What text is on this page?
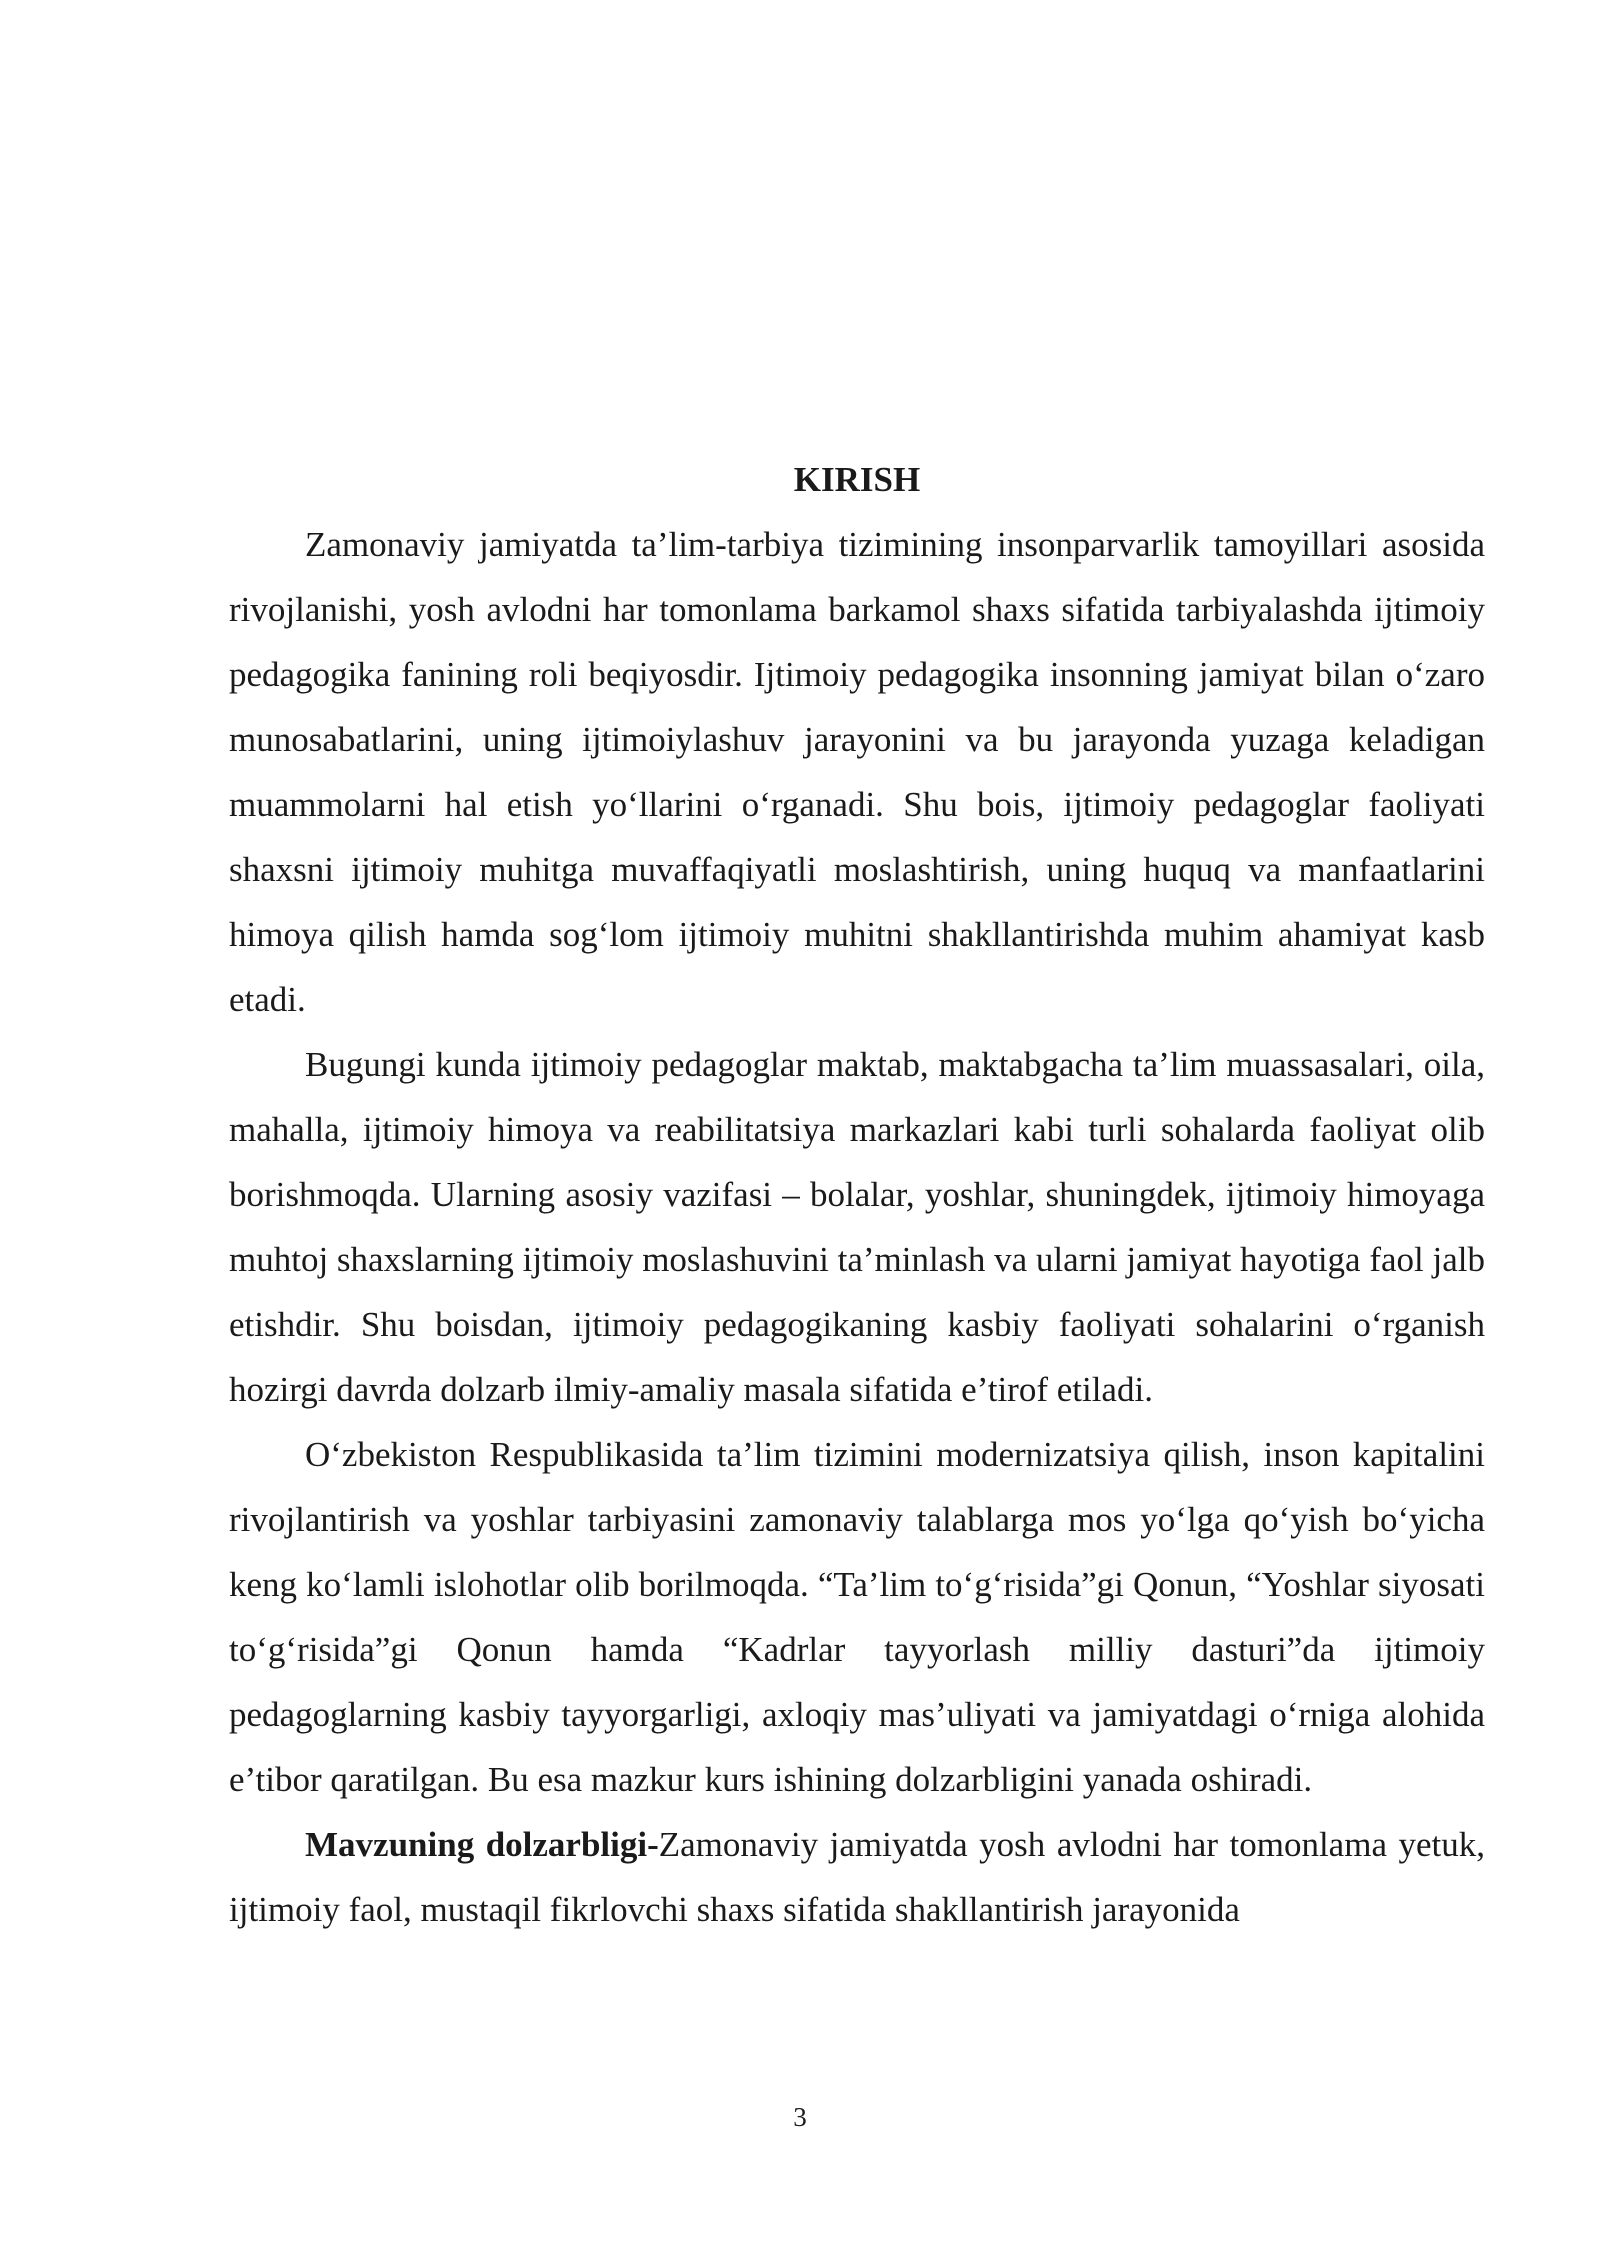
KIRISH

Zamonaviy jamiyatda ta’lim-tarbiya tizimining insonparvarlik tamoyillari asosida rivojlanishi, yosh avlodni har tomonlama barkamol shaxs sifatida tarbiyalashda ijtimoiy pedagogika fanining roli beqiyosdir. Ijtimoiy pedagogika insonning jamiyat bilan o‘zaro munosabatlarini, uning ijtimoiylashuv jarayonini va bu jarayonda yuzaga keladigan muammolarni hal etish yo‘llarini o‘rganadi. Shu bois, ijtimoiy pedagoglar faoliyati shaxsni ijtimoiy muhitga muvaffaqiyatli moslashtirish, uning huquq va manfaatlarini himoya qilish hamda sog‘lom ijtimoiy muhitni shakllantirishda muhim ahamiyat kasb etadi.

Bugungi kunda ijtimoiy pedagoglar maktab, maktabgacha ta’lim muassasalari, oila, mahalla, ijtimoiy himoya va reabilitatsiya markazlari kabi turli sohalarda faoliyat olib borishmoqda. Ularning asosiy vazifasi – bolalar, yoshlar, shuningdek, ijtimoiy himoyaga muhtoj shaxslarning ijtimoiy moslashuvini ta’minlash va ularni jamiyat hayotiga faol jalb etishdir. Shu boisdan, ijtimoiy pedagogikaning kasbiy faoliyati sohalarini o‘rganish hozirgi davrda dolzarb ilmiy-amaliy masala sifatida e’tirof etiladi.

O‘zbekiston Respublikasida ta’lim tizimini modernizatsiya qilish, inson kapitalini rivojlantirish va yoshlar tarbiyasini zamonaviy talablarga mos yo‘lga qo‘yish bo‘yicha keng ko‘lamli islohotlar olib borilmoqda. “Ta’lim to‘g‘risida”gi Qonun, “Yoshlar siyosati to‘g‘risida”gi Qonun hamda “Kadrlar tayyorlash milliy dasturi”da ijtimoiy pedagoglarning kasbiy tayyorgarligi, axloqiy mas’uliyati va jamiyatdagi o‘rniga alohida e’tibor qaratilgan. Bu esa mazkur kurs ishining dolzarbligini yanada oshiradi.

Mavzuning dolzarbligi-Zamonaviy jamiyatda yosh avlodni har tomonlama yetuk, ijtimoiy faol, mustaqil fikrlovchi shaxs sifatida shakllantirish jarayonida

3
